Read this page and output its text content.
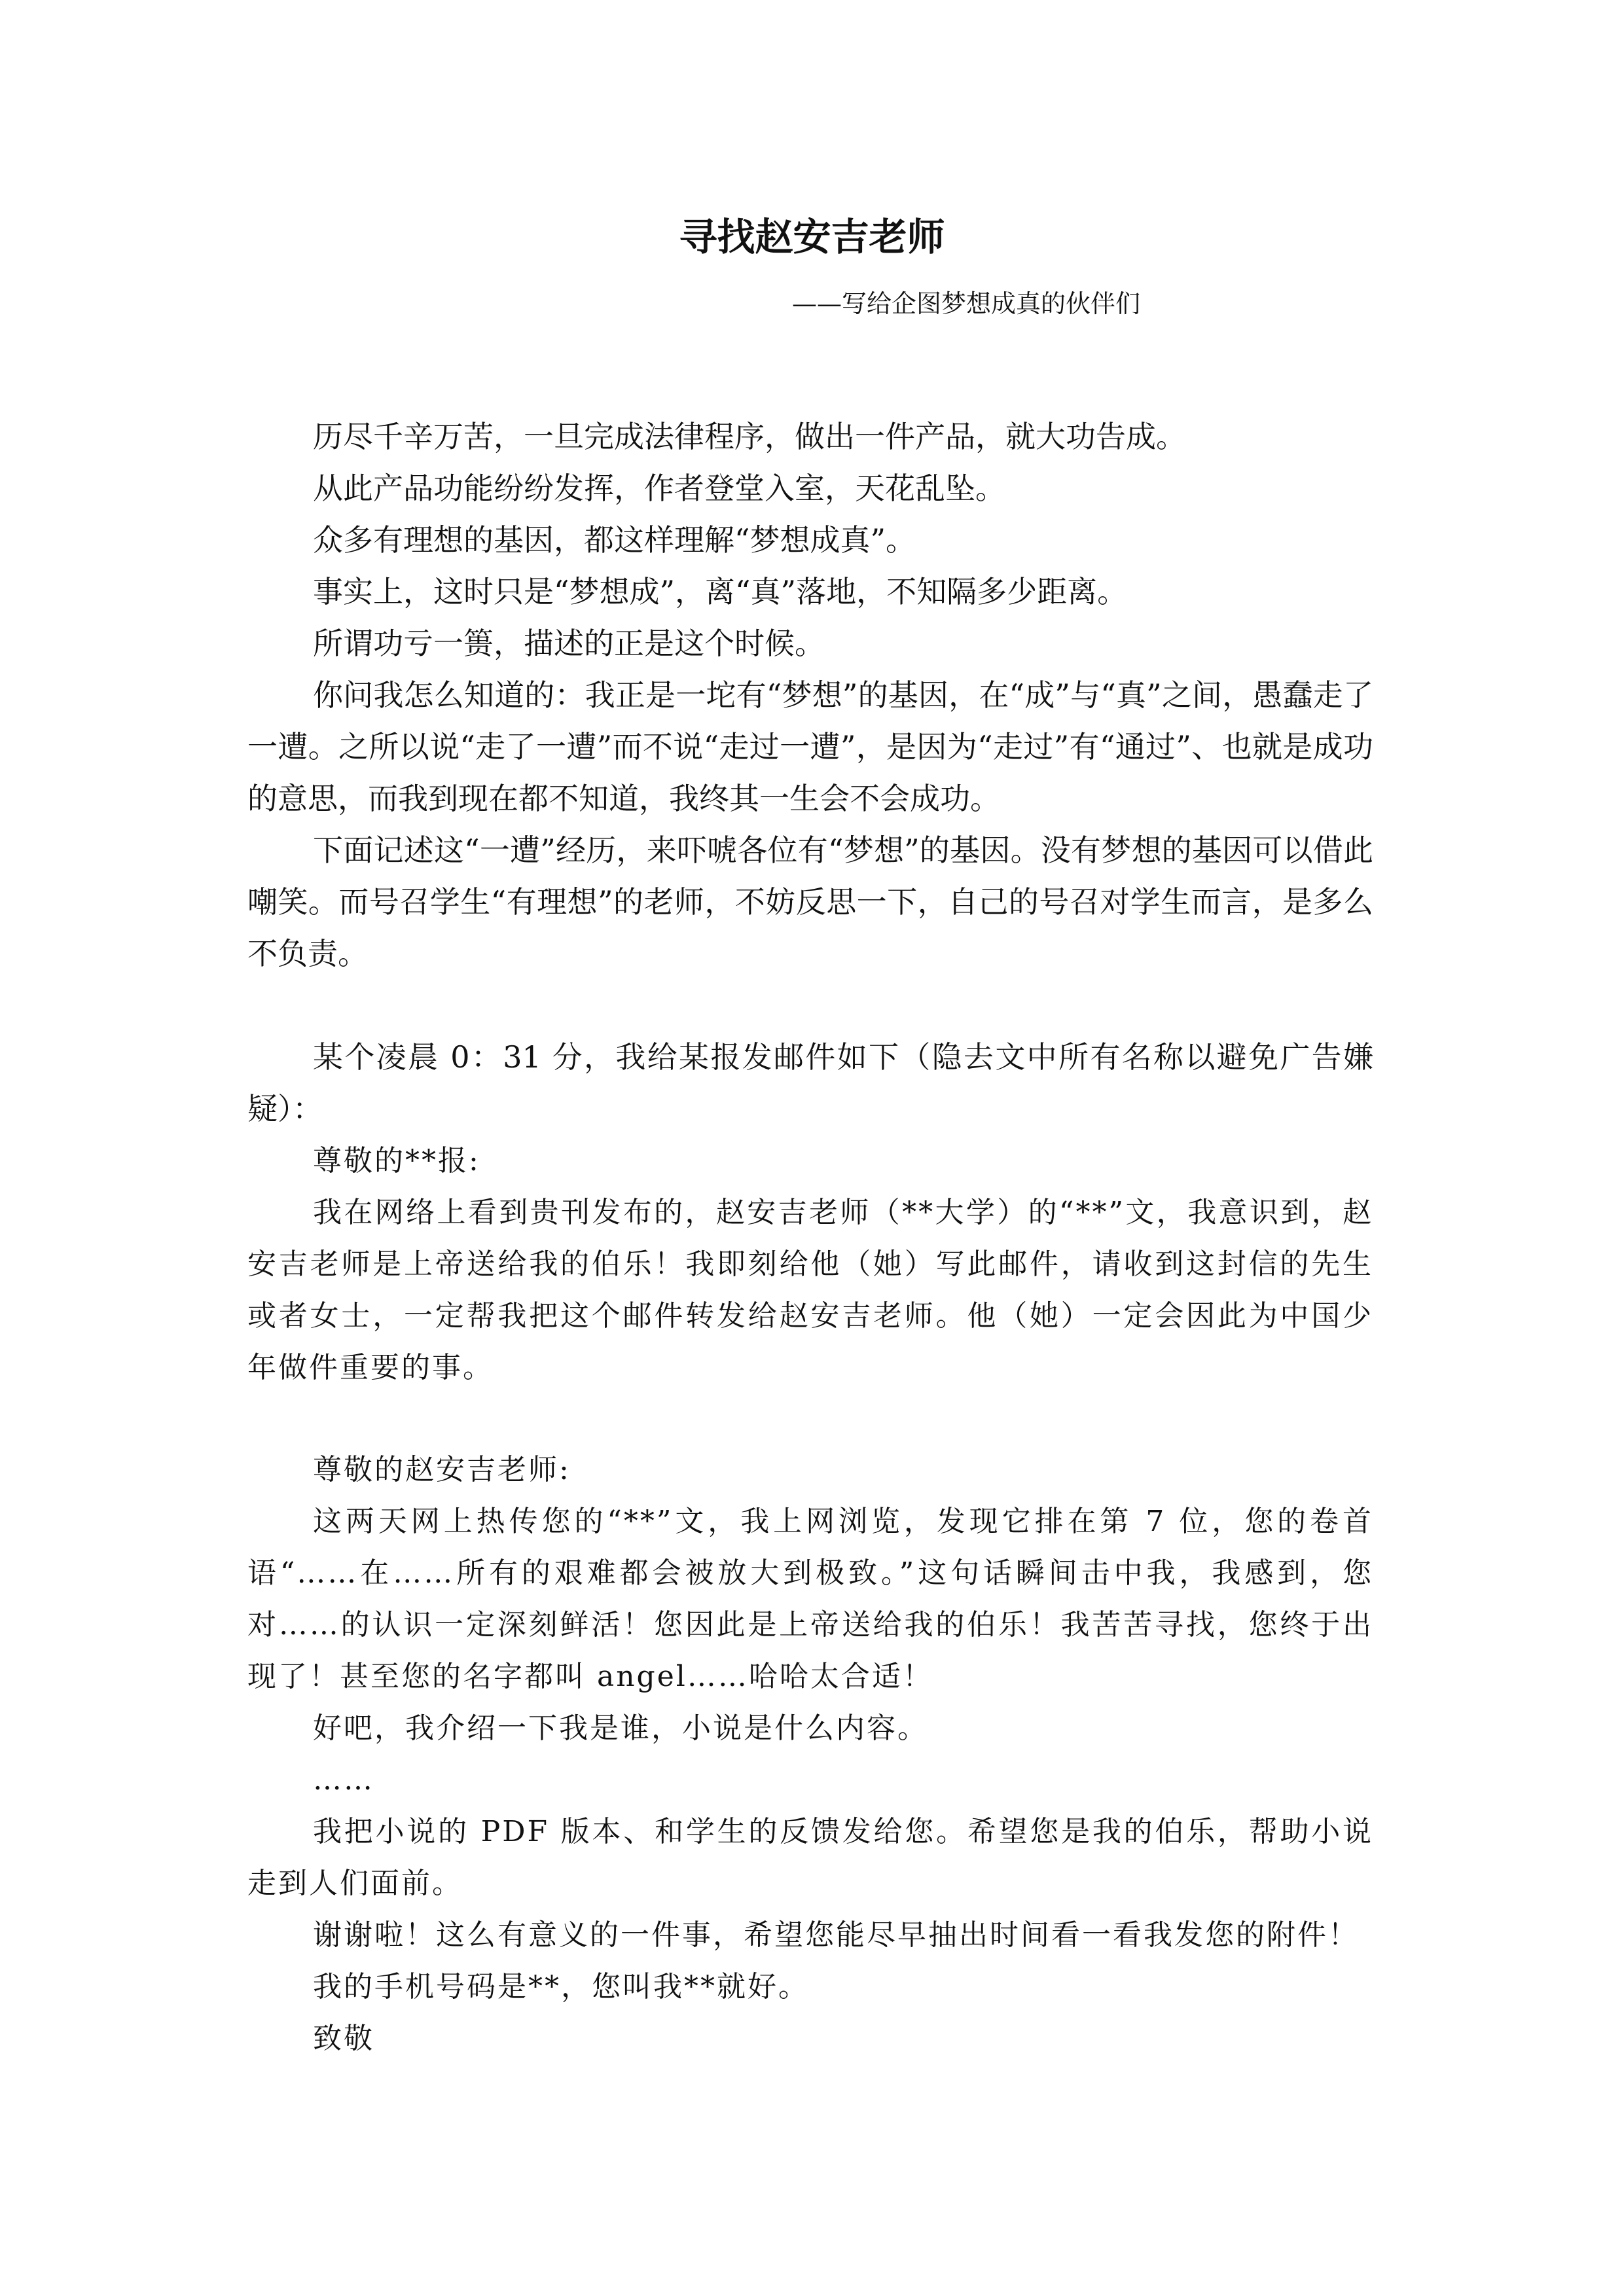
寻找赵安吉老师

——写给企图梦想成真的伙伴们

历尽千辛万苦，一旦完成法律程序，做出一件产品，就大功告成。

从此产品功能纷纷发挥，作者登堂入室，天花乱坠。

众多有理想的基因，都这样理解“梦想成真”。

事实上，这时只是“梦想成”，离“真”落地，不知隔多少距离。

所谓功亏一篑，描述的正是这个时候。

你问我怎么知道的：我正是一坨有“梦想”的基因，在“成”与“真”之间，愚蠢走了一遭。之所以说“走了一遭”而不说“走过一遭”，是因为“走过”有“通过”、也就是成功的意思，而我到现在都不知道，我终其一生会不会成功。

下面记述这“一遭”经历，来吓唬各位有“梦想”的基因。没有梦想的基因可以借此嘲笑。而号召学生“有理想”的老师，不妨反思一下，自己的号召对学生而言，是多么不负责。

某个凌晨 0：31 分，我给某报发邮件如下（隐去文中所有名称以避免广告嫌疑）：

尊敬的**报:

我在网络上看到贵刊发布的，赵安吉老师（**大学）的“**”文，我意识到，赵安吉老师是上帝送给我的伯乐！我即刻给他（她）写此邮件，请收到这封信的先生或者女士，一定帮我把这个邮件转发给赵安吉老师。他（她）一定会因此为中国少年做件重要的事。

尊敬的赵安吉老师:

这两天网上热传您的“**”文，我上网浏览，发现它排在第 7 位，您的卷首语“……在……所有的艰难都会被放大到极致。”这句话瞬间击中我，我感到，您对……的认识一定深刻鲜活！您因此是上帝送给我的伯乐！我苦苦寻找，您终于出现了！甚至您的名字都叫 angel……哈哈太合适！

好吧，我介绍一下我是谁，小说是什么内容。

……

我把小说的 PDF 版本、和学生的反馈发给您。希望您是我的伯乐，帮助小说走到人们面前。

谢谢啦！这么有意义的一件事，希望您能尽早抽出时间看一看我发您的附件！

我的手机号码是**，您叫我**就好。

致敬
